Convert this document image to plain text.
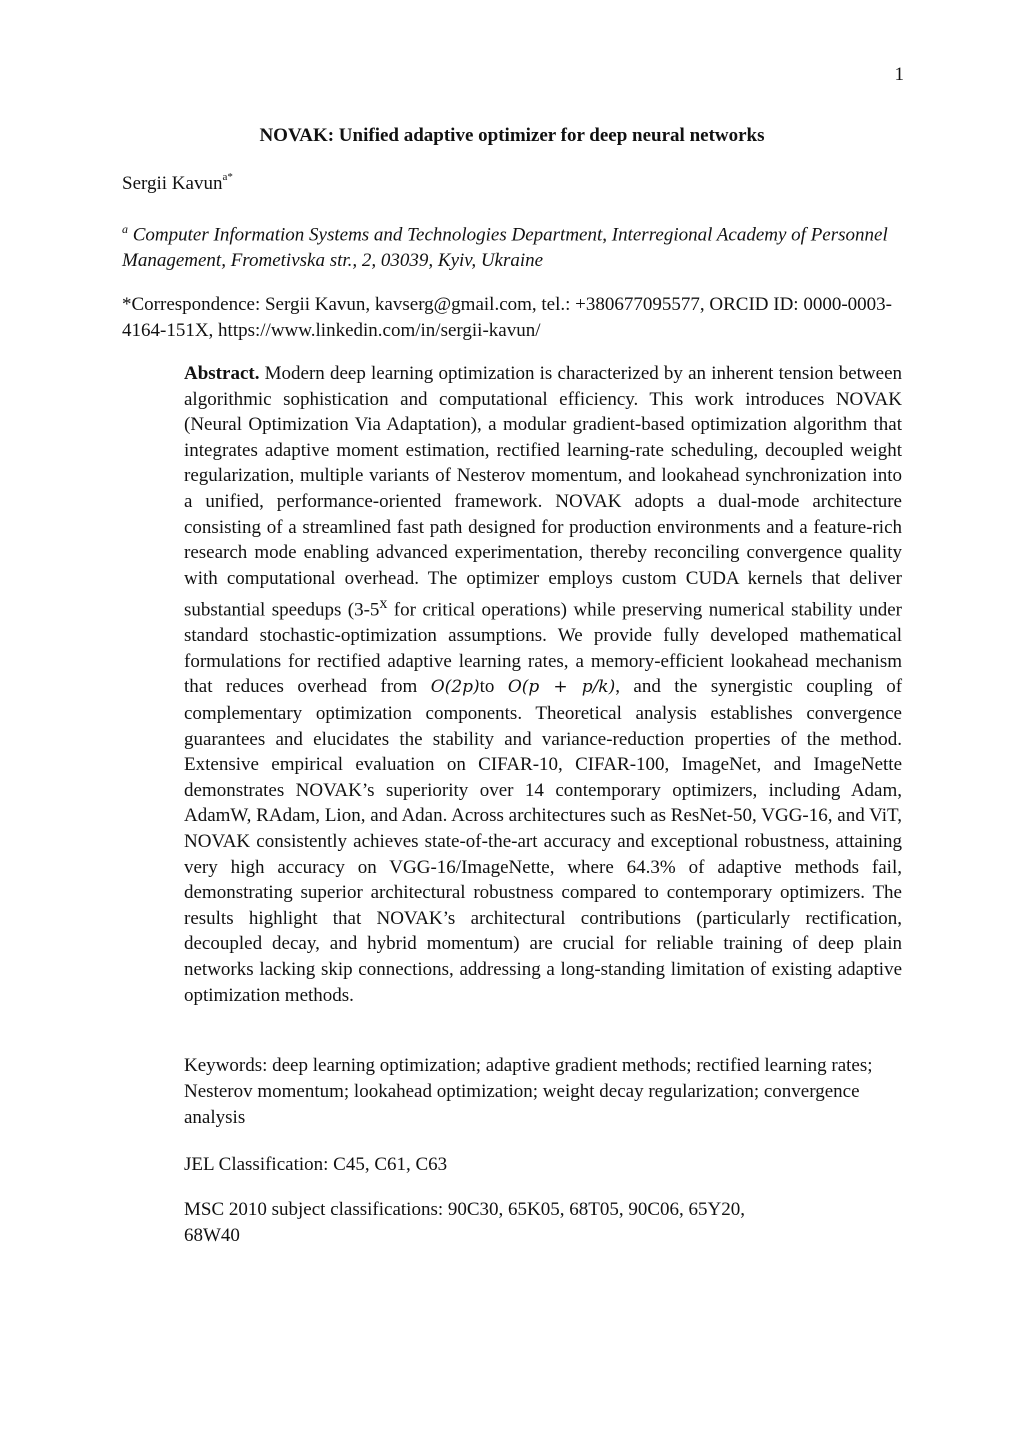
1
NOVAK: Unified adaptive optimizer for deep neural networks
Sergii Kavun$^{a*}$
$^a$ Computer Information Systems and Technologies Department, Interregional Academy of Personnel Management, Frometivska str., 2, 03039, Kyiv, Ukraine
*Correspondence: Sergii Kavun, kavserg@gmail.com, tel.: +380677095577, ORCID ID: 0000-0003-4164-151X, https://www.linkedin.com/in/sergii-kavun/
Abstract. Modern deep learning optimization is characterized by an inherent tension between algorithmic sophistication and computational efficiency. This work introduces NOVAK (Neural Optimization Via Adaptation), a modular gradient-based optimization algorithm that integrates adaptive moment estimation, rectified learning-rate scheduling, decoupled weight regularization, multiple variants of Nesterov momentum, and lookahead synchronization into a unified, performance-oriented framework. NOVAK adopts a dual-mode architecture consisting of a streamlined fast path designed for production environments and a feature-rich research mode enabling advanced experimentation, thereby reconciling convergence quality with computational overhead. The optimizer employs custom CUDA kernels that deliver substantial speedups (3-5$^x$ for critical operations) while preserving numerical stability under standard stochastic-optimization assumptions. We provide fully developed mathematical formulations for rectified adaptive learning rates, a memory-efficient lookahead mechanism that reduces overhead from O(2p)to O(p + p/k), and the synergistic coupling of complementary optimization components. Theoretical analysis establishes convergence guarantees and elucidates the stability and variance-reduction properties of the method. Extensive empirical evaluation on CIFAR-10, CIFAR-100, ImageNet, and ImageNette demonstrates NOVAK’s superiority over 14 contemporary optimizers, including Adam, AdamW, RAdam, Lion, and Adan. Across architectures such as ResNet-50, VGG-16, and ViT, NOVAK consistently achieves state-of-the-art accuracy and exceptional robustness, attaining very high accuracy on VGG-16/ImageNette, where 64.3% of adaptive methods fail, demonstrating superior architectural robustness compared to contemporary optimizers. The results highlight that NOVAK’s architectural contributions (particularly rectification, decoupled decay, and hybrid momentum) are crucial for reliable training of deep plain networks lacking skip connections, addressing a long-standing limitation of existing adaptive optimization methods.
Keywords: deep learning optimization; adaptive gradient methods; rectified learning rates; Nesterov momentum; lookahead optimization; weight decay regularization; convergence analysis
JEL Classification: C45, C61, C63
MSC 2010 subject classifications: 90C30, 65K05, 68T05, 90C06, 65Y20, 68W40
